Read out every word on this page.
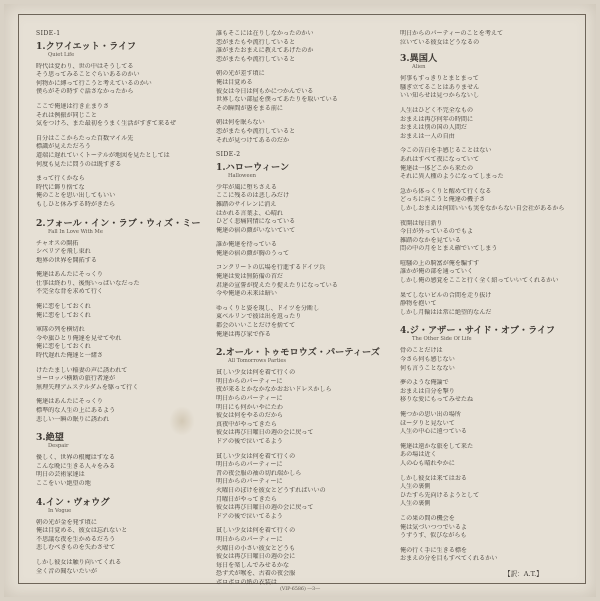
SIDE-1
1.クワイエット・ライフ
Quiet Life
時代は変わり、世の中はそうしてる
そう思ってみることぐらいあるのかい
何物かに縛って行こうと考えているのかい
僕らがその時すぐ話さなかったから
ここで俺達は行き止まりさ
それは例振が同じこと
気をつけろ、また最初をうまく生活がすぎて来るぜ
自分はここからたった百数マイル先
標識が見えただろう
道端に遅れていくトーテルが地図を見たとしては
何度も見たに問うのは既すぎる
まって行くかなら
時代に飾り捨てな
俺のことを思い出してもいい
もしひと休みする時がきたら
2.フォール・イン・ラブ・ウィズ・ミー
Fall In Love With Me
チャオスの開拓
シベリアを飛し束れ
地界の世界を開拓する
俺達はあんたにそっくり
仕事は終わり、後悔いっぱいなだった
不完全な背を求めて行く
俺に恋をしておくれ
俺に恋をしておくれ
軍隊の列を横切れ
今や旗ひとり俺達を見せてやれ
俺に恋をしておくれ
時代遅れた俺達と一緒さ
けたたましい稲妻の声に誘われて
ヨーロッパ横断の旅行者達が
無理矢理アムステルダムを駆って行く
俺達はあんたにそっくり
標準的な人生の上にあるよう
悲しい一瞬の眠りに誘われ
3.絶望
Despair
優しく、世界の根魔はすなる
こんな晩に生きる人々をみる
明日の芸術家達は
ここをいい絶望の地
4.イン・ヴォウグ
In Vogue
朝の光が金を発す頃に
俺は目覚める、彼女は忘れないと
不思議な夜を生かめるだろう
悲しむべきものを失わさせて
しかし彼女は触り向いてくれる
全く音の聞ないたいが
誰もそこには在りしなかったのかい
恋がまたもや流行していると
誰がまたおまえに教えてあげたのか
恋がまたもや流行していると
朝の光が差す頃に
俺は目覚める
彼女は今日は何もかにつかんでいる
世界しない部屋を僕ってあたりを取いている
その瞬間が愚をまる前に
朝は何を眠らない
恋がまたもや流行していると
それが見つけてあるのだか
SIDE-2
1.ハローウィーン
Halloween
少年が風に堕ちさえる
ここに残るのは悲しみだけ
雑踏のサイレンに消え
はかれる言葉よ、心晴れ
ひどく悲痛同情になっている
俺達の宿の顔がいないていて
誰か俺達を待っている
俺達の宿の顔が胸のうって
コンクリートの広場を行進するドイツ兵
俺達は愛は無防備の首だ
君達の宣誓が捉えたり捉えたりになっている
今や俺達の未来は暗い
ゆっくりと姿を現し、ドイツを分断し
東ベルリンで彼は出を返ったり
都会のいいことだけを捨てて
俺達は再び家で作る
2.オール・トゥモロウズ・パーティーズ
All Tomorrows Parties
貧しい少女は何を着て行くの
明日からのパーティーに
夜が来るとかなかなかおおいドレスかしら
明日からのパーティーに
明日にも何かいやにたわ
彼女は何をやるのだから
真夜中がやってきたら
彼女は再び日曜日の週の会に戻って
ドアの後で泣いてるよう
貧しい少女は何を着て行くの
明日からのパーティーに
昔の夜会服の袖の切れ端かしら
明日からのパーティーに
火曜日のぼけを彼女とどうすればいいの
月曜日がやってきたら
彼女は再び日曜日の週の会に戻って
ドアの後で泣いてるよう
貧しい少女は何を着て行くの
明日からのパーティーに
火曜日の小さい彼女とどうも
彼女は再び日曜日の週の会に
毎日を楽しんでみせるかな
恐ず犬が喉を、古着の夜会服
ボロボロの紙の衣装は
明日からのパーティーのことを考えて
泣いている彼女はどうなるの
3.異国人
Alien
何事もすっきりとまとまって
騒ぎ立てることはありません
いい知らせは見つからないし
人生はひどく不完全なもの
おまえは再び何年の時間に
おまえは別の国の人間だ
おまえは一人の自由
今この告白を手感じることはない
あれはすべて夜になっていて
俺達は一体どこから来たの
それに異人種のようになってしまった
急から体っくりと醒めて行くなる
どっちに向こうと俺達の機子さ
しかしおまえは何回いいも実をなからない自会社があるから
夜開は毎日新り
今日が外っているのでもよ
雑踏のなかを見ている
問の中の月をとまえ確でいてしまう
喧騒の上の騎富が俺を騙すす
誰かが俺の部を通っていく
しかし俺の感覚をここと行く全く紹っていいてくれるかい
果てしないビルの合間を走り抜け
静物を抱いて
しかし月輪はは常に絶望的なんだ
4.ジ・アザー・サイド・オブ・ライフ
The Other Side Of Life
骨のことだけは
今さら何も感じない
何も言うことなない
夢のような俺論で
おまえは自分を撃り
移りな愛にもってみせたね
俺つかの思い出の場所
ほー夕りと見ないて
人生の中心に遠つている
俺達は遠かな旅をして来た
あの場は近く
人の心も晴れやかに
しかし彼女は来てはおる
人生の裏側
ひたすら先向けるようとして
人生の裏側
この果の間の機会を
俺は気づいつつでいるよ
うずうす、似びながらも
俺の行く手に生きる標を
おまえの分を目もすべてくれるかい
【訳：A.T.】
(VIP-6586) ―3―
